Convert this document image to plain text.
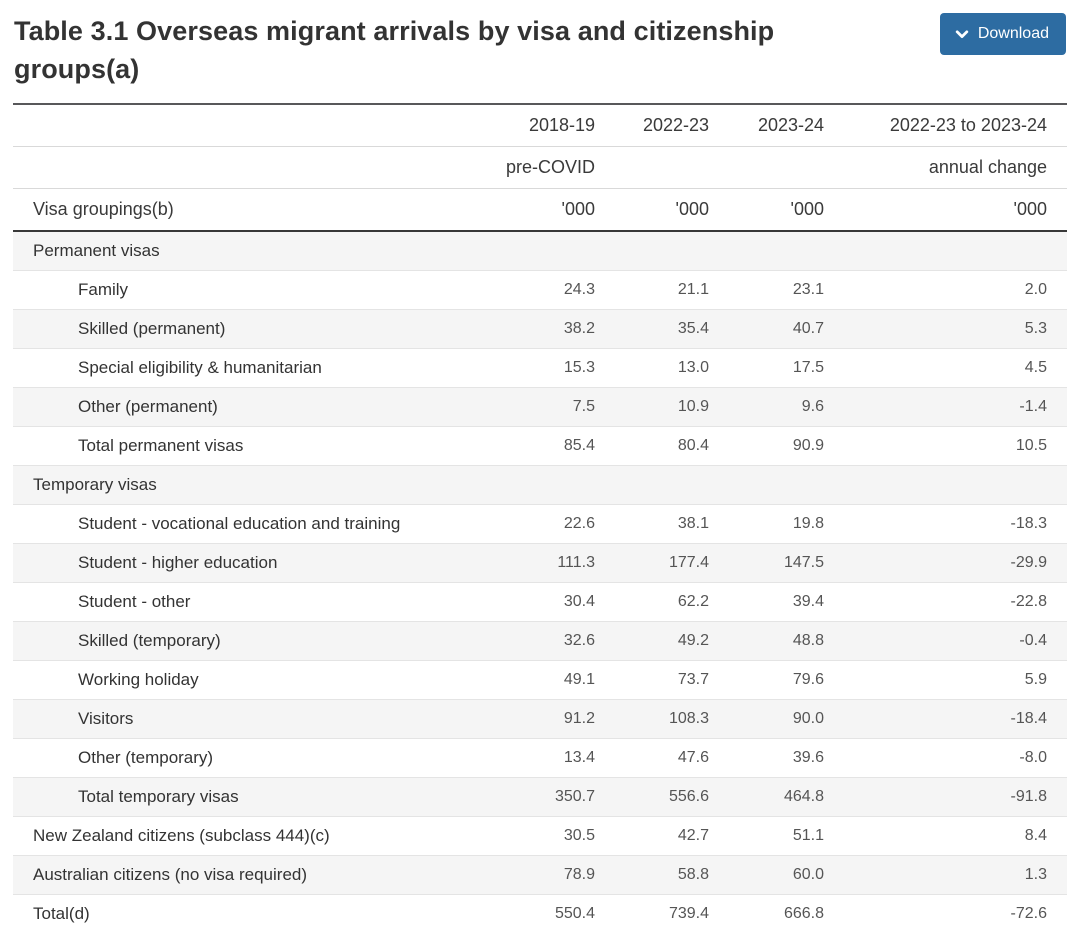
Table 3.1 Overseas migrant arrivals by visa and citizenship groups(a)
Download
	2018-19	2022-23	2023-24	2022-23 to 2023-24
	pre-COVID			annual change
Visa groupings(b)	'000	'000	'000	'000
Permanent visas				
Family	24.3	21.1	23.1	2.0
Skilled (permanent)	38.2	35.4	40.7	5.3
Special eligibility & humanitarian	15.3	13.0	17.5	4.5
Other (permanent)	7.5	10.9	9.6	-1.4
Total permanent visas	85.4	80.4	90.9	10.5
Temporary visas				
Student - vocational education and training	22.6	38.1	19.8	-18.3
Student - higher education	111.3	177.4	147.5	-29.9
Student - other	30.4	62.2	39.4	-22.8
Skilled (temporary)	32.6	49.2	48.8	-0.4
Working holiday	49.1	73.7	79.6	5.9
Visitors	91.2	108.3	90.0	-18.4
Other (temporary)	13.4	47.6	39.6	-8.0
Total temporary visas	350.7	556.6	464.8	-91.8
New Zealand citizens (subclass 444)(c)	30.5	42.7	51.1	8.4
Australian citizens (no visa required)	78.9	58.8	60.0	1.3
Total(d)	550.4	739.4	666.8	-72.6
